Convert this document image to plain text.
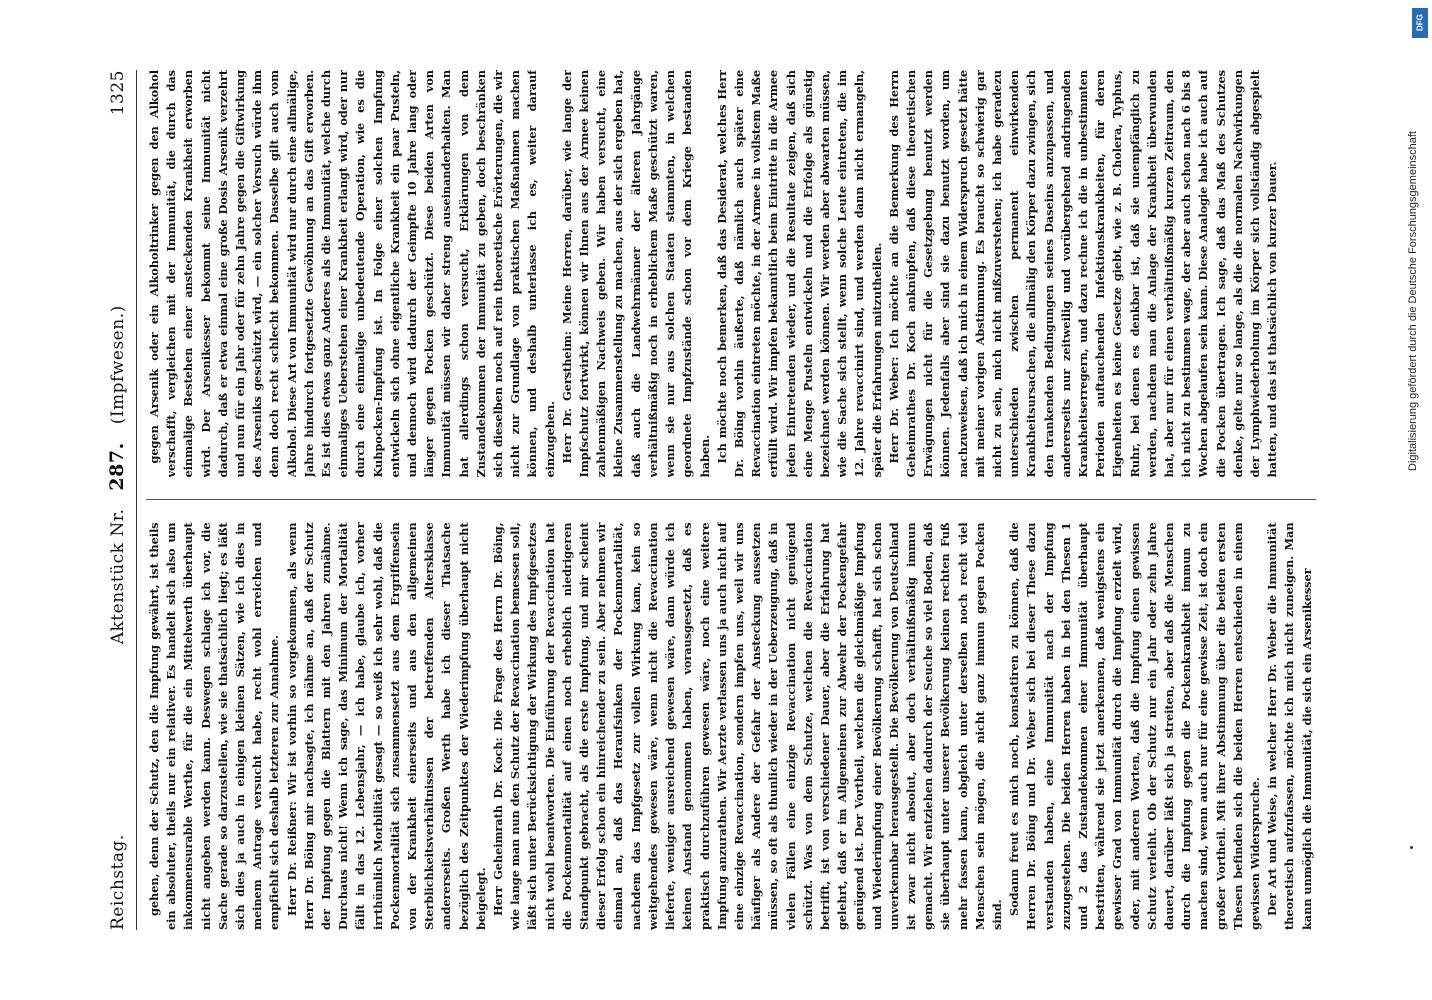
Reichstag.
Aktenstück Nr.
287.
(Impfwesen.)
1325

gehen, denn der Schutz, den die Impfung gewährt, ist theils ein absoluter, theils nur ein relativer. Es handelt sich also um inkommensurable Werthe, für die ein Mittelwerth überhaupt nicht angeben werden kann. Deswegen schlage ich vor, die Sache gerade so darzustellen, wie sie thatsächlich liegt; es läßt sich dies ja auch in einigen kleinen Sätzen, wie ich dies in meinem Antrage versucht habe, recht wohl erreichen und empfiehlt sich deshalb letzteren zur Annahme. Herr Dr. Reißner: Wir ist vorhin so vorgekommen, als wenn Herr Dr. Böing mir nachsagte, ich nähme an, daß der Schutz der Impfung gegen die Blattern mit den Jahren zunähme. Durchaus nicht! Wenn ich sage, das Minimum der Mortalität fällt in das 12. Lebensjahr, — ich habe, glaube ich, vorher irrthümlich Morbilität gesagt — so weiß ich sehr wohl, daß die Pockenmortalität sich zusammensetzt aus dem Ergriffensein von der Krankheit einerseits und aus den allgemeinen Sterblichkeitsverhältnissen der betreffenden Altersklasse andererseits. Großen Werth habe ich dieser Thatsache bezüglich des Zeitpunktes der Wiederimpfung überhaupt nicht beigelegt. Herr Geheimrath Dr. Koch: Die Frage des Herrn Dr. Böing, wie lange man nun den Schutz der Revaccination bemessen soll, läßt sich unter Berücksichtigung der Wirkung des Impfgesetzes nicht wohl beantworten. Die Einführung der Revaccination hat die Pockenmortalität auf einen noch erheblich niedrigeren Standpunkt gebracht, als die erste Impfung, und mir scheint dieser Erfolg schon ein hinreichender zu sein. Aber nehmen wir einmal an, daß das Heraufsinken der Pockenmortalität, nachdem das Impfgesetz zur vollen Wirkung kam, kein so weitgehendes gewesen wäre, wenn nicht die Revaccination lieferte, weniger ausreichend gewesen wäre, dann würde ich keinen Anstand genommen haben, vorausgesetzt, daß es praktisch durchzuführen gewesen wäre, noch eine weitere Impfung anzurathen. Wir Aerzte verlassen uns ja auch nicht auf eine einzige Revaccination, sondern impfen uns, weil wir uns häufiger als Andere der Gefahr der Ansteckung aussetzen müssen, so oft als thunlich wieder in der Ueberzeugung, daß in vielen Fällen eine einzige Revaccination nicht genügend schützt. Was von dem Schutze, welchen die Revaccination betrifft, ist von verschiedener Dauer, aber die Erfahrung hat gelehrt, daß er im Allgemeinen zur Abwehr der Pockengefahr genügend ist. Der Vortheil, welchen die gleichmäßige Impfung und Wiederimpfung einer Bevölkerung schafft, hat sich schon unverkennbar herausgestellt. Die Bevölkerung von Deutschland ist zwar nicht absolut, aber doch verhältnißmäßig immun gemacht. Wir entziehen dadurch der Seuche so viel Boden, daß sie überhaupt unter unserer Bevölkerung keinen rechten Fuß mehr fassen kann, obgleich unter derselben noch recht viel Menschen sein mögen, die nicht ganz immun gegen Pocken sind. Sodann freut es mich noch, konstatiren zu können, daß die Herren Dr. Böing und Dr. Weber sich bei dieser These dazu verstanden haben, eine Immunität nach der Impfung zuzugestehen. Die beiden Herren haben in bei den Thesen 1 und 2 das Zustandekommen einer Immunität überhaupt bestritten, während sie jetzt anerkennen, daß wenigstens ein gewisser Grad von Immunität durch die Impfung erzielt wird, oder, mit anderen Worten, daß die Impfung einen gewissen Schutz verleiht. Ob der Schutz nur ein Jahr oder zehn Jahre dauert, darüber läßt sich ja streiten, aber daß die Menschen durch die Impfung gegen die Pockenkrankheit immun zu machen sind, wenn auch nur für eine gewisse Zeit, ist doch ein großer Vortheil. Mit ihrer Abstimmung über die beiden ersten Thesen befinden sich die beiden Herren entschieden in einem gewissen Widerspruche. Der Art und Weise, in welcher Herr Dr. Weber die Immunität theoretisch aufzufassen, möchte ich mich nicht zuneigen. Man kann unmöglich die Immunität, die sich ein Arsenikesser

gegen Arsenik oder ein Alkoholtrinker gegen den Alkohol verschafft, vergleichen mit der Immunität, die durch das einmalige Bestehen einer ansteckenden Krankheit erworben wird. Der Arsenikesser bekommt seine Immunität nicht dadurch, daß er etwa einmal eine große Dosis Arsenik verzehrt und nun für ein Jahr oder für zehn Jahre gegen die Giftwirkung des Arseniks geschützt wird, — ein solcher Versuch würde ihm denn doch recht schlecht bekommen. Dasselbe gilt auch vom Alkohol. Diese Art von Immunität wird nur durch eine allmälige, Jahre hindurch fortgesetzte Gewöhnung an das Gift erworben. Es ist dies etwas ganz Anderes als die Immunität, welche durch einmaliges Ueberstehen einer Krankheit erlangt wird, oder nur durch eine einmalige unbedeutende Operation, wie es die Kuhpocken-Impfung ist. In Folge einer solchen Impfung entwickeln sich ohne eigentliche Krankheit ein paar Pusteln, und dennoch wird dadurch der Geimpfte 10 Jahre lang oder länger gegen Pocken geschützt. Diese beiden Arten von Immunität müssen wir daher streng auseinanderhalten. Man hat allerdings schon versucht, Erklärungen von dem Zustandekommen der Immunität zu geben, doch beschränken sich dieselben noch auf rein theoretische Erörterungen, die wir nicht zur Grundlage von praktischen Maßnahmen machen können, und deshalb unterlasse ich es, weiter darauf einzugehen. Herr Dr. Gerstheim: Meine Herren, darüber, wie lange der Impfschutz fortwirkt, können wir Ihnen aus der Armee keinen zahlenmäßigen Nachweis geben. Wir haben versucht, eine kleine Zusammenstellung zu machen, aus der sich ergeben hat, daß auch die Landwehrmänner der älteren Jahrgänge verhältnißmäßig noch in erheblichem Maße geschützt waren, wenn sie nur aus solchen Staaten stammten, in welchen geordnete Impfzustände schon vor dem Kriege bestanden haben. Ich möchte noch bemerken, daß das Desiderat, welches Herr Dr. Böing vorhin äußerte, daß nämlich auch später eine Revaccination eintreten möchte, in der Armee in vollstem Maße erfüllt wird. Wir impfen bekanntlich beim Eintritte in die Armee jeden Eintretenden wieder, und die Resultate zeigen, daß sich eine Menge Pusteln entwickeln und die Erfolge als günstig bezeichnet werden können. Wir werden aber abwarten müssen, wie die Sache sich stellt, wenn solche Leute eintreten, die im 12. Jahre revaccinirt sind, und werden dann nicht ermangeln, später die Erfahrungen mitzutheilen. Herr Dr. Weber: Ich möchte an die Bemerkung des Herrn Geheimrathes Dr. Koch anknüpfen, daß diese theoretischen Erwägungen nicht für die Gesetzgebung benutzt werden können. Jedenfalls aber sind sie dazu benutzt worden, um nachzuweisen, daß ich mich in einem Widerspruch gesetzt hätte mit meiner vorigen Abstimmung. Es braucht so schwierig gar nicht zu sein, mich nicht mißzuverstehen; ich habe geradezu unterschieden zwischen permanent einwirkenden Krankheitsursachen, die allmälig den Körper dazu zwingen, sich den trankenden Bedingungen seines Daseins anzupassen, und andererseits nur zeitweilig und vorübergehend andringenden Krankheitserregern, und dazu rechne ich die in unbestimmten Perioden auftauchenden Infektionskrankheiten, für deren Eigenheiten es keine Gesetze giebt, wie z. B. Cholera, Typhus, Ruhr, bei denen es denkbar ist, daß sie unempfänglich zu werden, nachdem man die Anlage der Krankheit überwunden hat, aber nur für einen verhältnißmäßig kurzen Zeitraum, den ich nicht zu bestimmen wage, der aber auch schon nach 6 bis 8 Wochen abgelaufen sein kann. Diese Analogie habe ich auch auf die Pocken übertragen. Ich sage, daß das Maß des Schutzes denke, gelte nur so lange, als die die normalen Nachwirkungen der Lymphwiederholung im Körper sich vollständig abgespielt hatten, und das ist thatsächlich von kurzer Dauer.	Digitalisierung gefördert durch die Deutsche Forschungsgemeinschaft
DFG
